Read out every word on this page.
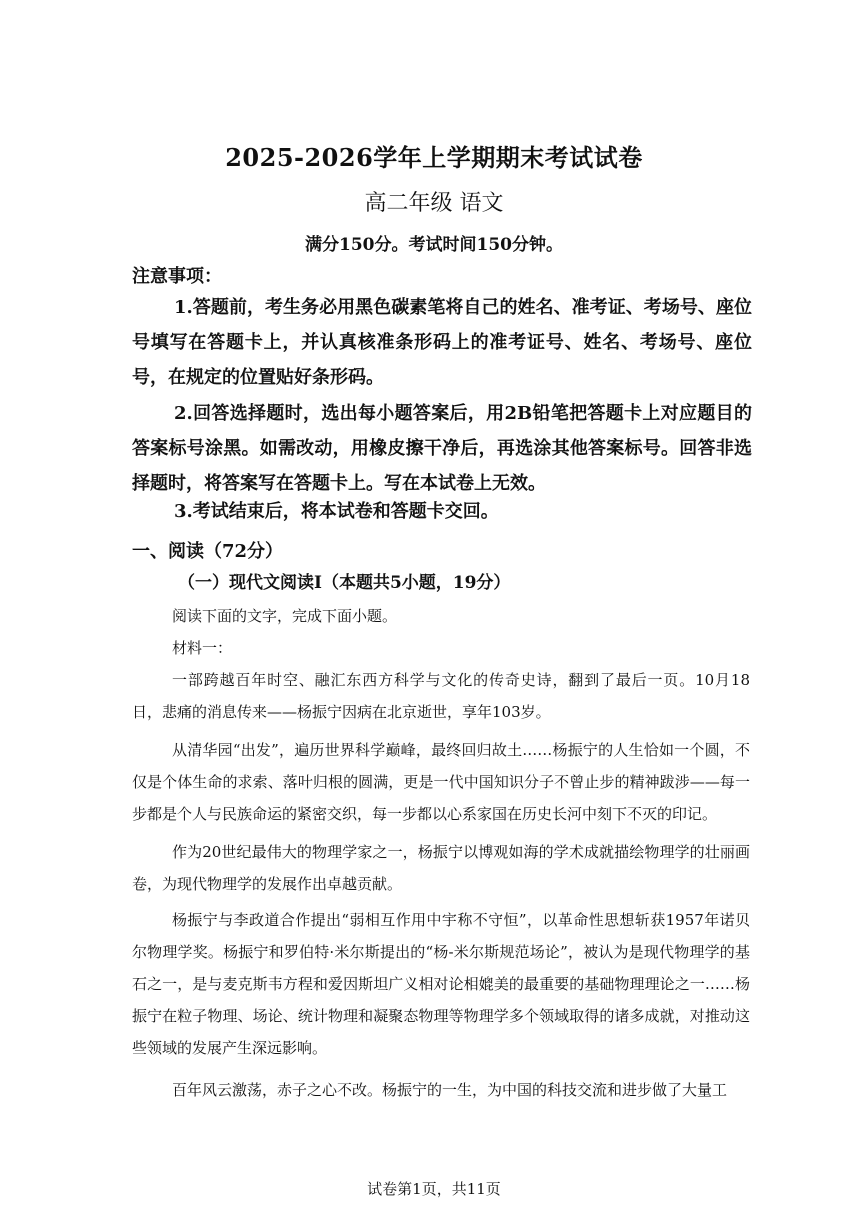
2025-2026学年上学期期末考试试卷
高二年级 语文
满分150分。考试时间150分钟。
注意事项：
1.答题前，考生务必用黑色碳素笔将自己的姓名、准考证、考场号、座位号填写在答题卡上，并认真核准条形码上的准考证号、姓名、考场号、座位号，在规定的位置贴好条形码。
2.回答选择题时，选出每小题答案后，用2B铅笔把答题卡上对应题目的答案标号涂黑。如需改动，用橡皮擦干净后，再选涂其他答案标号。回答非选择题时，将答案写在答题卡上。写在本试卷上无效。
3.考试结束后，将本试卷和答题卡交回。
一、阅读（72分）
（一）现代文阅读Ⅰ（本题共5小题，19分）
阅读下面的文字，完成下面小题。
材料一：
一部跨越百年时空、融汇东西方科学与文化的传奇史诗，翻到了最后一页。10月18日，悲痛的消息传来——杨振宁因病在北京逝世，享年103岁。
从清华园“出发”，遍历世界科学巅峰，最终回归故土……杨振宁的人生恰如一个圆，不仅是个体生命的求索、落叶归根的圆满，更是一代中国知识分子不曾止步的精神跋涉——每一步都是个人与民族命运的紧密交织，每一步都以心系家国在历史长河中刻下不灭的印记。
作为20世纪最伟大的物理学家之一，杨振宁以博观如海的学术成就描绘物理学的壮丽画卷，为现代物理学的发展作出卓越贡献。
杨振宁与李政道合作提出“弱相互作用中宇称不守恒”，以革命性思想斩获1957年诺贝尔物理学奖。杨振宁和罗伯特·米尔斯提出的“杨-米尔斯规范场论”，被认为是现代物理学的基石之一，是与麦克斯韦方程和爱因斯坦广义相对论相媲美的最重要的基础物理理论之一……杨振宁在粒子物理、场论、统计物理和凝聚态物理等物理学多个领域取得的诸多成就，对推动这些领域的发展产生深远影响。
百年风云激荡，赤子之心不改。杨振宁的一生，为中国的科技交流和进步做了大量工
试卷第1页，共11页
